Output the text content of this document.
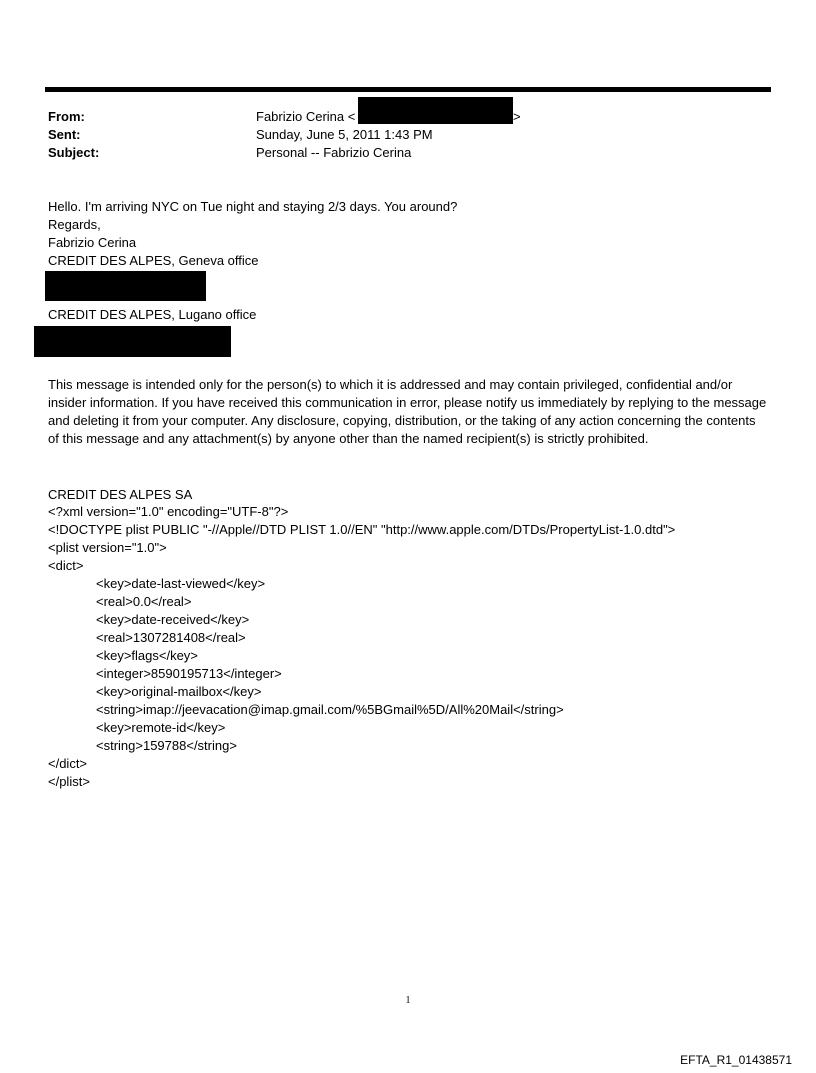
From:	Fabrizio Cerina <	>
Sent:	Sunday, June 5, 2011 1:43 PM
Subject:	Personal -- Fabrizio Cerina
Hello. I'm arriving NYC on Tue night and staying 2/3 days. You around?
Regards,
Fabrizio Cerina
CREDIT DES ALPES, Geneva office
CREDIT DES ALPES, Lugano office
This message is intended only for the person(s) to which it is addressed and may contain privileged, confidential and/or insider information. If you have received this communication in error, please notify us immediately by replying to the message and deleting it from your computer. Any disclosure, copying, distribution, or the taking of any action concerning the contents of this message and any attachment(s) by anyone other than the named recipient(s) is strictly prohibited.
CREDIT DES ALPES SA
<?xml version="1.0" encoding="UTF-8"?>
<!DOCTYPE plist PUBLIC "-//Apple//DTD PLIST 1.0//EN" "http://www.apple.com/DTDs/PropertyList-1.0.dtd">
<plist version="1.0">
<dict>
<key>date-last-viewed</key>
<real>0.0</real>
<key>date-received</key>
<real>1307281408</real>
<key>flags</key>
<integer>8590195713</integer>
<key>original-mailbox</key>
<string>imap://jeevacation@imap.gmail.com/%5BGmail%5D/All%20Mail</string>
<key>remote-id</key>
<string>159788</string>
</dict>
</plist>
1
EFTA_R1_01438571
